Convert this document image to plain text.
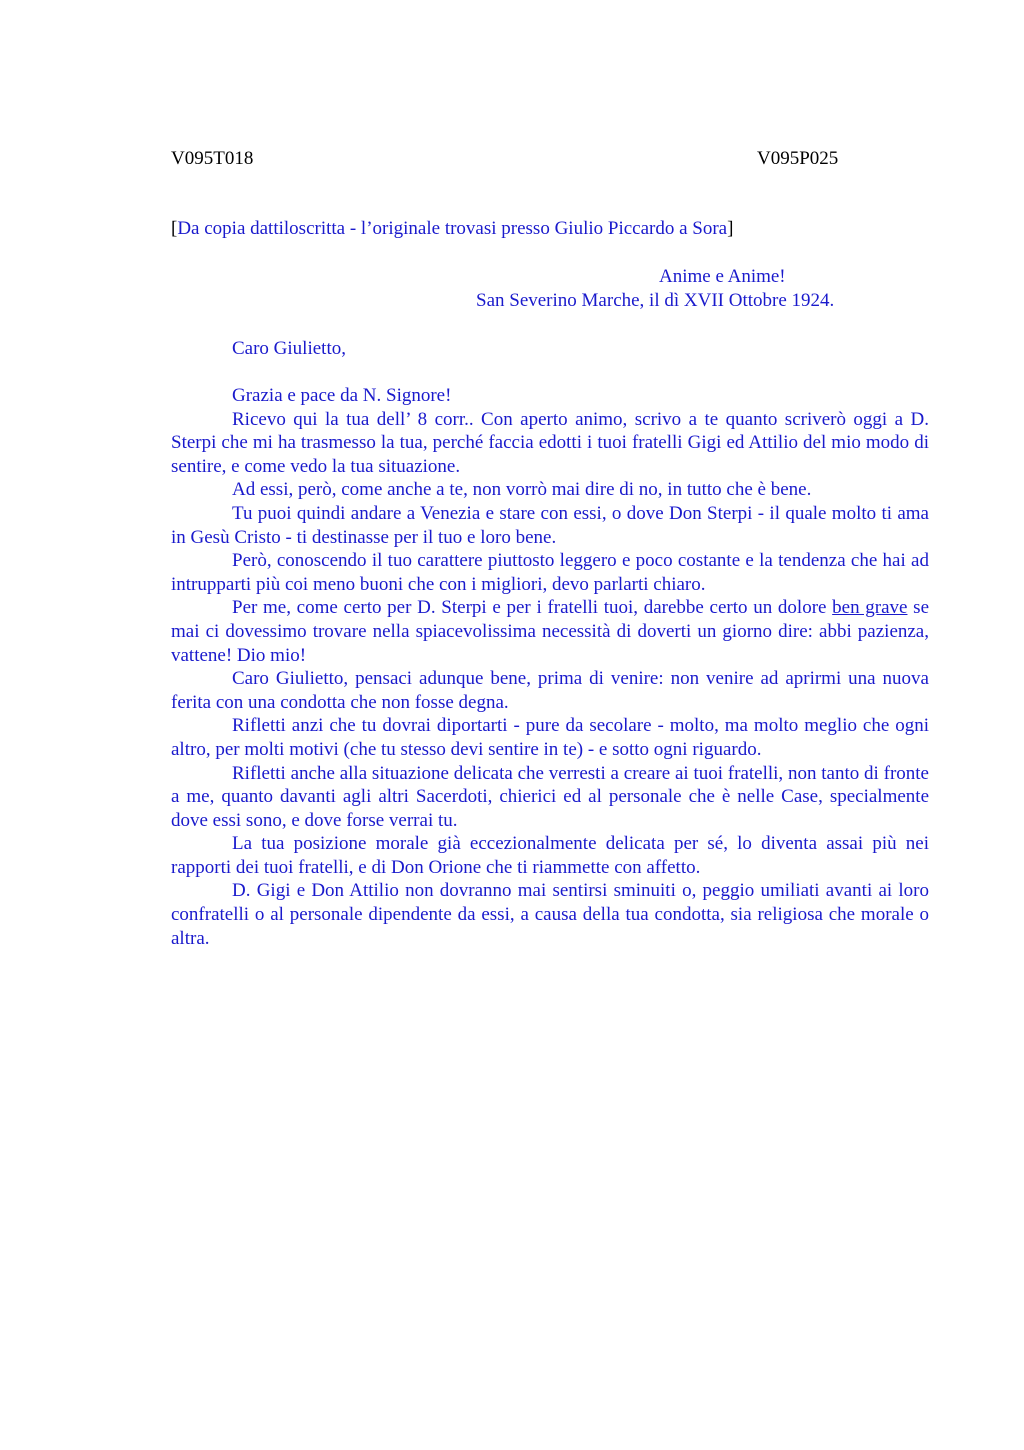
V095T018	V095P025
[Da copia dattiloscritta - l’originale trovasi presso Giulio Piccardo a Sora]
Anime e Anime!
San Severino Marche, il dì XVII Ottobre 1924.
Caro Giulietto,

Grazia e pace da N. Signore!

Ricevo qui la tua dell’ 8 corr.. Con aperto animo, scrivo a te quanto scriverò oggi a D. Sterpi che mi ha trasmesso la tua, perché faccia edotti i tuoi fratelli Gigi ed Attilio del mio modo di sentire, e come vedo la tua situazione.

Ad essi, però, come anche a te, non vorrò mai dire di no, in tutto che è bene.

Tu puoi quindi andare a Venezia e stare con essi, o dove Don Sterpi - il quale molto ti ama in Gesù Cristo - ti destinasse per il tuo e loro bene.

Però, conoscendo il tuo carattere piuttosto leggero e poco costante e la tendenza che hai ad intrupparti più coi meno buoni che con i migliori, devo parlarti chiaro.

Per me, come certo per D. Sterpi e per i fratelli tuoi, darebbe certo un dolore ben grave se mai ci dovessimo trovare nella spiacevolissima necessità di doverti un giorno dire: abbi pazienza, vattene! Dio mio!

Caro Giulietto, pensaci adunque bene, prima di venire: non venire ad aprirmi una nuova ferita con una condotta che non fosse degna.

Rifletti anzi che tu dovrai diportarti - pure da secolare - molto, ma molto meglio che ogni altro, per molti motivi (che tu stesso devi sentire in te) - e sotto ogni riguardo.

Rifletti anche alla situazione delicata che verresti a creare ai tuoi fratelli, non tanto di fronte a me, quanto davanti agli altri Sacerdoti, chierici ed al personale che è nelle Case, specialmente dove essi sono, e dove forse verrai tu.

La tua posizione morale già eccezionalmente delicata per sé, lo diventa assai più nei rapporti dei tuoi fratelli, e di Don Orione che ti riammette con affetto.

D. Gigi e Don Attilio non dovranno mai sentirsi sminuiti o, peggio umiliati avanti ai loro confratelli o al personale dipendente da essi, a causa della tua condotta, sia religiosa che morale o altra.
